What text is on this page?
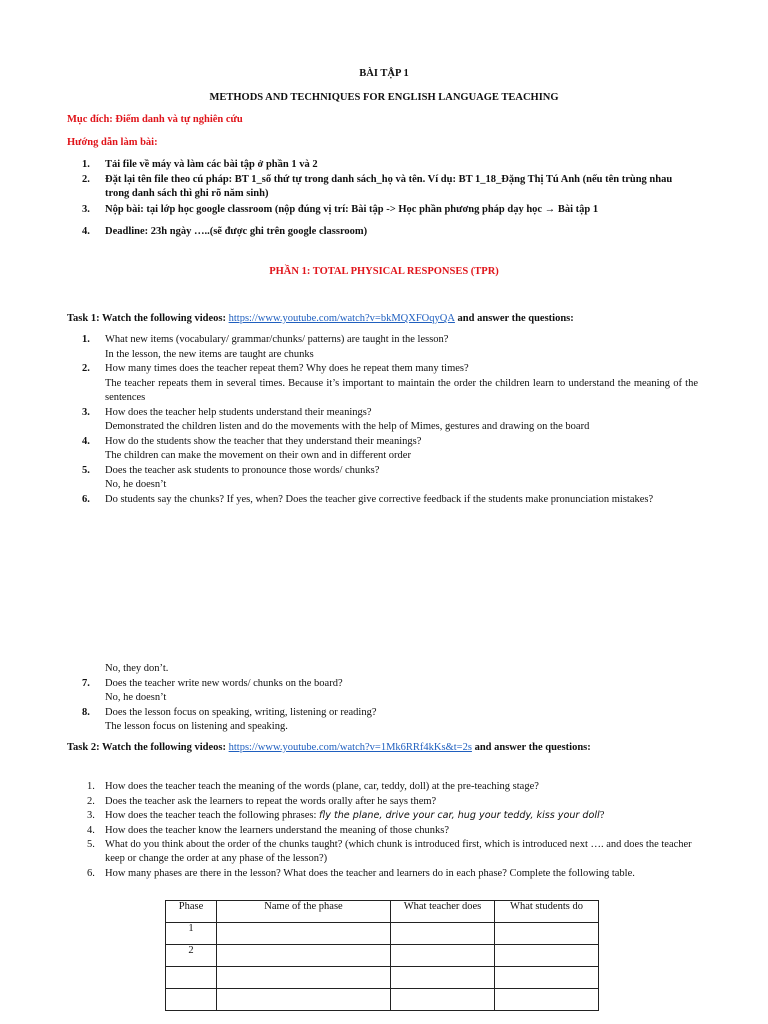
BÀI TẬP 1
METHODS AND TECHNIQUES FOR ENGLISH LANGUAGE TEACHING
Mục đích: Điểm danh và tự nghiên cứu
Hướng dẫn làm bài:
1.	Tải file về máy và làm các bài tập ở phần 1 và 2
2.	Đặt lại tên file theo cú pháp: BT 1_số thứ tự trong danh sách_họ và tên. Ví dụ: BT 1_18_Đặng Thị Tú Anh (nếu tên trùng nhau trong danh sách thì ghi rõ năm sinh)
3.	Nộp bài: tại lớp học google classroom (nộp đúng vị trí: Bài tập -> Học phần phương pháp dạy học → Bài tập 1
4.	Deadline: 23h ngày …..(sẽ được ghi trên google classroom)
PHẦN 1: TOTAL PHYSICAL RESPONSES (TPR)
Task 1: Watch the following videos: https://www.youtube.com/watch?v=bkMQXFOqyQA and answer the questions:
1.	What new items (vocabulary/ grammar/chunks/ patterns) are taught in the lesson?
In the lesson, the new items are taught are chunks
2.	How many times does the teacher repeat them? Why does he repeat them many times?
The teacher repeats them in several times. Because it’s important to maintain the order the children learn to understand the meaning of the sentences
3.	How does the teacher help students understand their meanings?
Demonstrated the children listen and do the movements with the help of Mimes, gestures and drawing on the board
4.	How do the students show the teacher that they understand their meanings?
The children can make the movement on their own and in different order
5.	Does the teacher ask students to pronounce those words/ chunks?
No, he doesn’t
6.	Do students say the chunks? If yes, when? Does the teacher give corrective feedback if the students make pronunciation mistakes?
No, they don’t.
7.	Does the teacher write new words/ chunks on the board?
No, he doesn’t
8.	Does the lesson focus on speaking, writing, listening or reading?
The lesson focus on listening and speaking.
Task 2: Watch the following videos: https://www.youtube.com/watch?v=1Mk6RRf4kKs&t=2s and answer the questions:
1. How does the teacher teach the meaning of the words (plane, car, teddy, doll) at the pre-teaching stage?
2. Does the teacher ask the learners to repeat the words orally after he says them?
3. How does the teacher teach the following phrases: fly the plane, drive your car, hug your teddy, kiss your doll?
4. How does the teacher know the learners understand the meaning of those chunks?
5. What do you think about the order of the chunks taught? (which chunk is introduced first, which is introduced next …. and does the teacher keep or change the order at any phase of the lesson?)
6. How many phases are there in the lesson? What does the teacher and learners do in each phase? Complete the following table.
Phase	Name of the phase	What teacher does	What students do
1			
2			
